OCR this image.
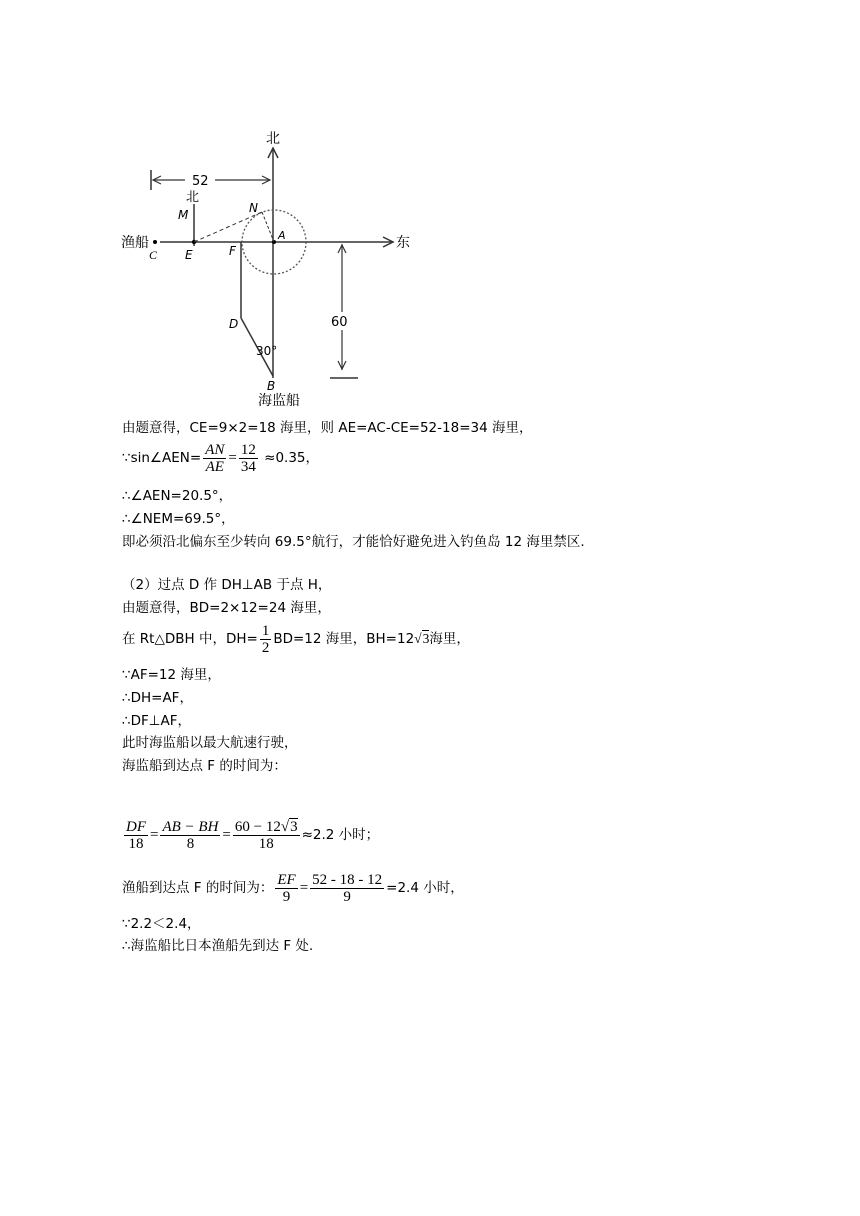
北
东
渔船
C
52
北
M
E
A
N
F
D
30°
B
海监船
60
由题意得，CE=9×2=18 海里，则 AE=AC-CE=52-18=34 海里，
∵sin∠AEN= $\frac{AN}{AE} = \frac{12}{34} \approx 0.35$，
∴∠AEN=20.5°，
∴∠NEM=69.5°，
即必须沿北偏东至少转向 69.5°航行，才能恰好避免进入钓鱼岛 12 海里禁区.
（2）过点 D 作 DH⊥AB 于点 H，
由题意得，BD=2×12=24 海里，
在 Rt△DBH 中，$DH= \frac{1}{2} BD=12$ 海里，BH=12√3海里，
∵AF=12 海里，
∴DH=AF，
∴DF⊥AF，
此时海监船以最大航速行驶，
海监船到达点 F 的时间为：
$\frac{DF}{18} = \frac{AB - BH}{8} = \frac{60 - 12√3}{18} \approx 2.2$ 小时；
渔船到达点 F 的时间为： $\frac{EF}{9} = \frac{52 - 18 - 12}{9} =2.4$ 小时，
∵2.2＜2.4，
∴海监船比日本渔船先到达 F 处.
